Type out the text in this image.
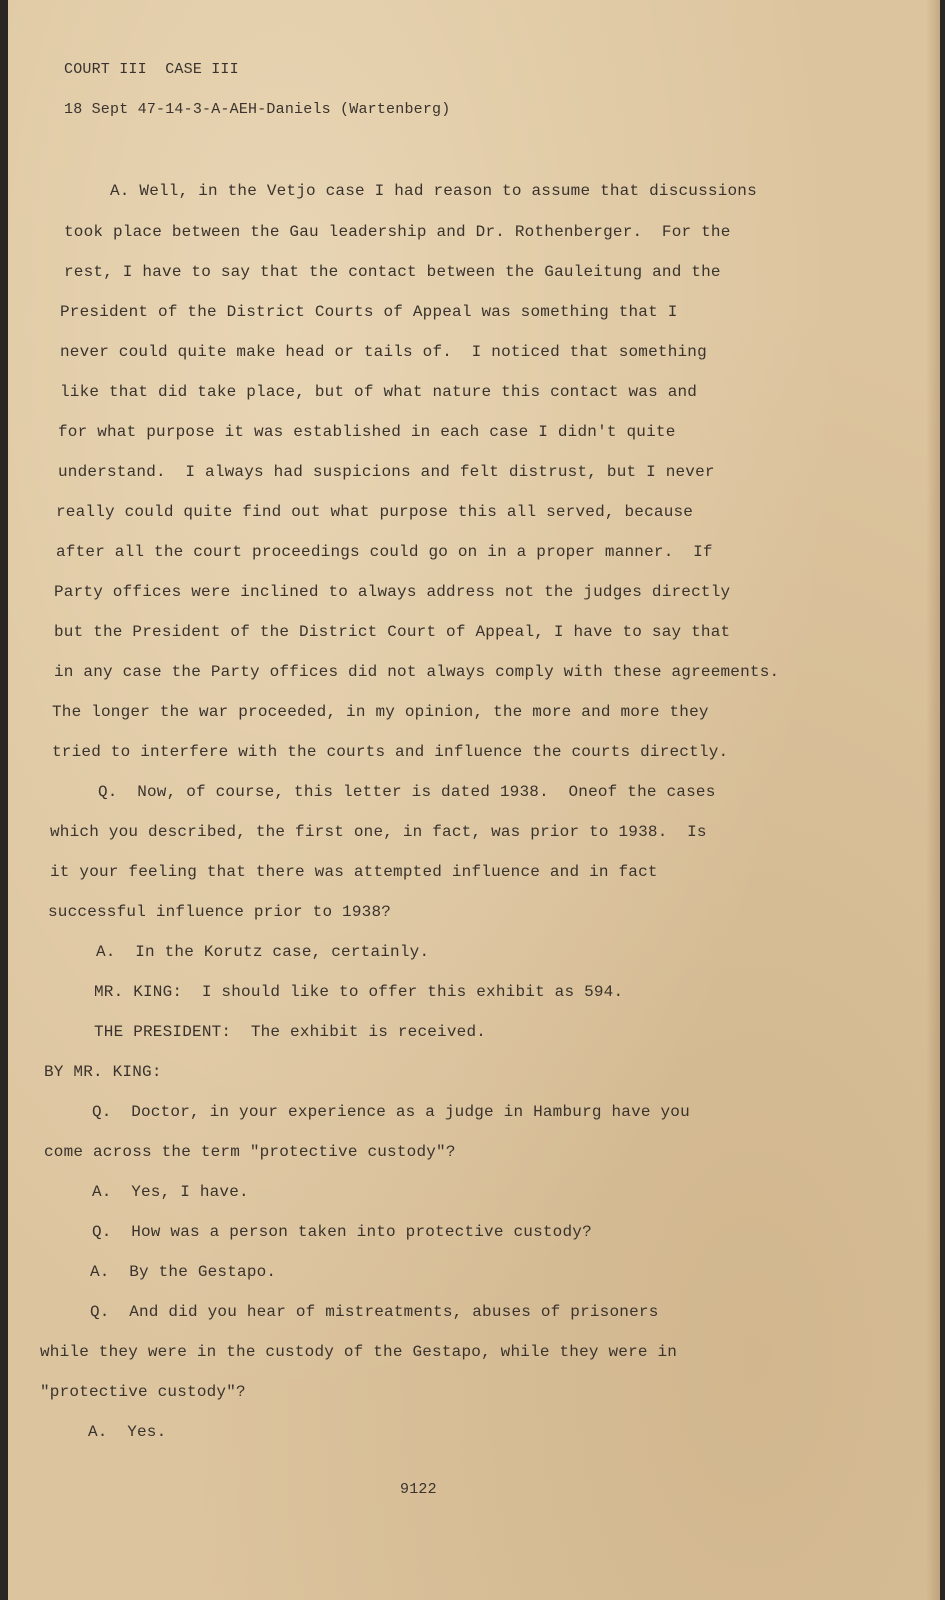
COURT III  CASE III
18 Sept 47-14-3-A-AEH-Daniels (Wartenberg)
A. Well, in the Vetjo case I had reason to assume that discussions
took place between the Gau leadership and Dr. Rothenberger.  For the
rest, I have to say that the contact between the Gauleitung and the
President of the District Courts of Appeal was something that I
never could quite make head or tails of.  I noticed that something
like that did take place, but of what nature this contact was and
for what purpose it was established in each case I didn't quite
understand.  I always had suspicions and felt distrust, but I never
really could quite find out what purpose this all served, because
after all the court proceedings could go on in a proper manner.  If
Party offices were inclined to always address not the judges directly
but the President of the District Court of Appeal, I have to say that
in any case the Party offices did not always comply with these agreements.
The longer the war proceeded, in my opinion, the more and more they
tried to interfere with the courts and influence the courts directly.
Q.  Now, of course, this letter is dated 1938.  Oneof the cases
which you described, the first one, in fact, was prior to 1938.  Is
it your feeling that there was attempted influence and in fact
successful influence prior to 1938?
A.  In the Korutz case, certainly.
MR. KING:  I should like to offer this exhibit as 594.
THE PRESIDENT:  The exhibit is received.
BY MR. KING:
Q.  Doctor, in your experience as a judge in Hamburg have you
come across the term "protective custody"?
A.  Yes, I have.
Q.  How was a person taken into protective custody?
A.  By the Gestapo.
Q.  And did you hear of mistreatments, abuses of prisoners
while they were in the custody of the Gestapo, while they were in
"protective custody"?
A.  Yes.
9122
